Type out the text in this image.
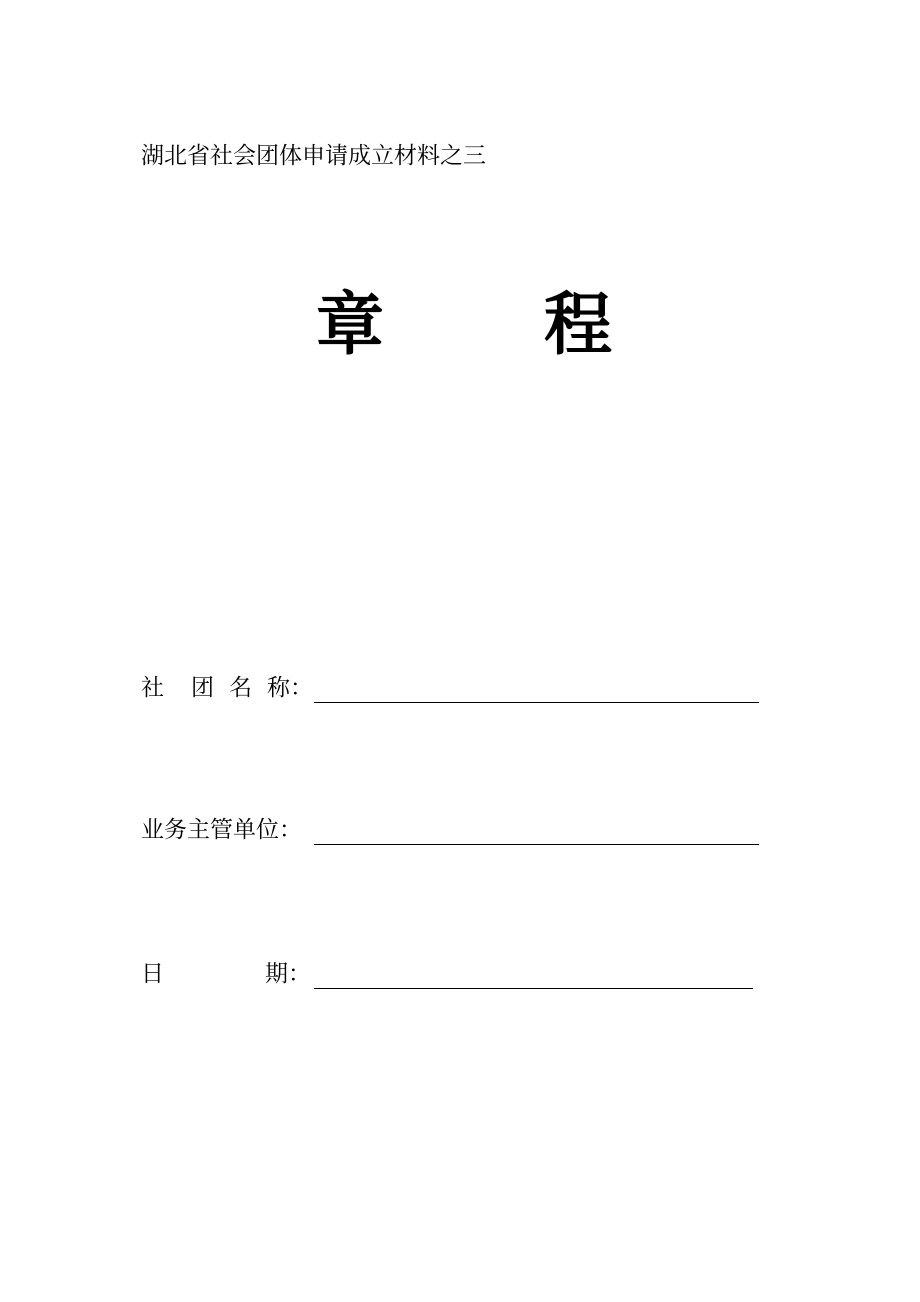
湖北省社会团体申请成立材料之三
章 程
社 团 名 称：
业务主管单位：
日	期：
